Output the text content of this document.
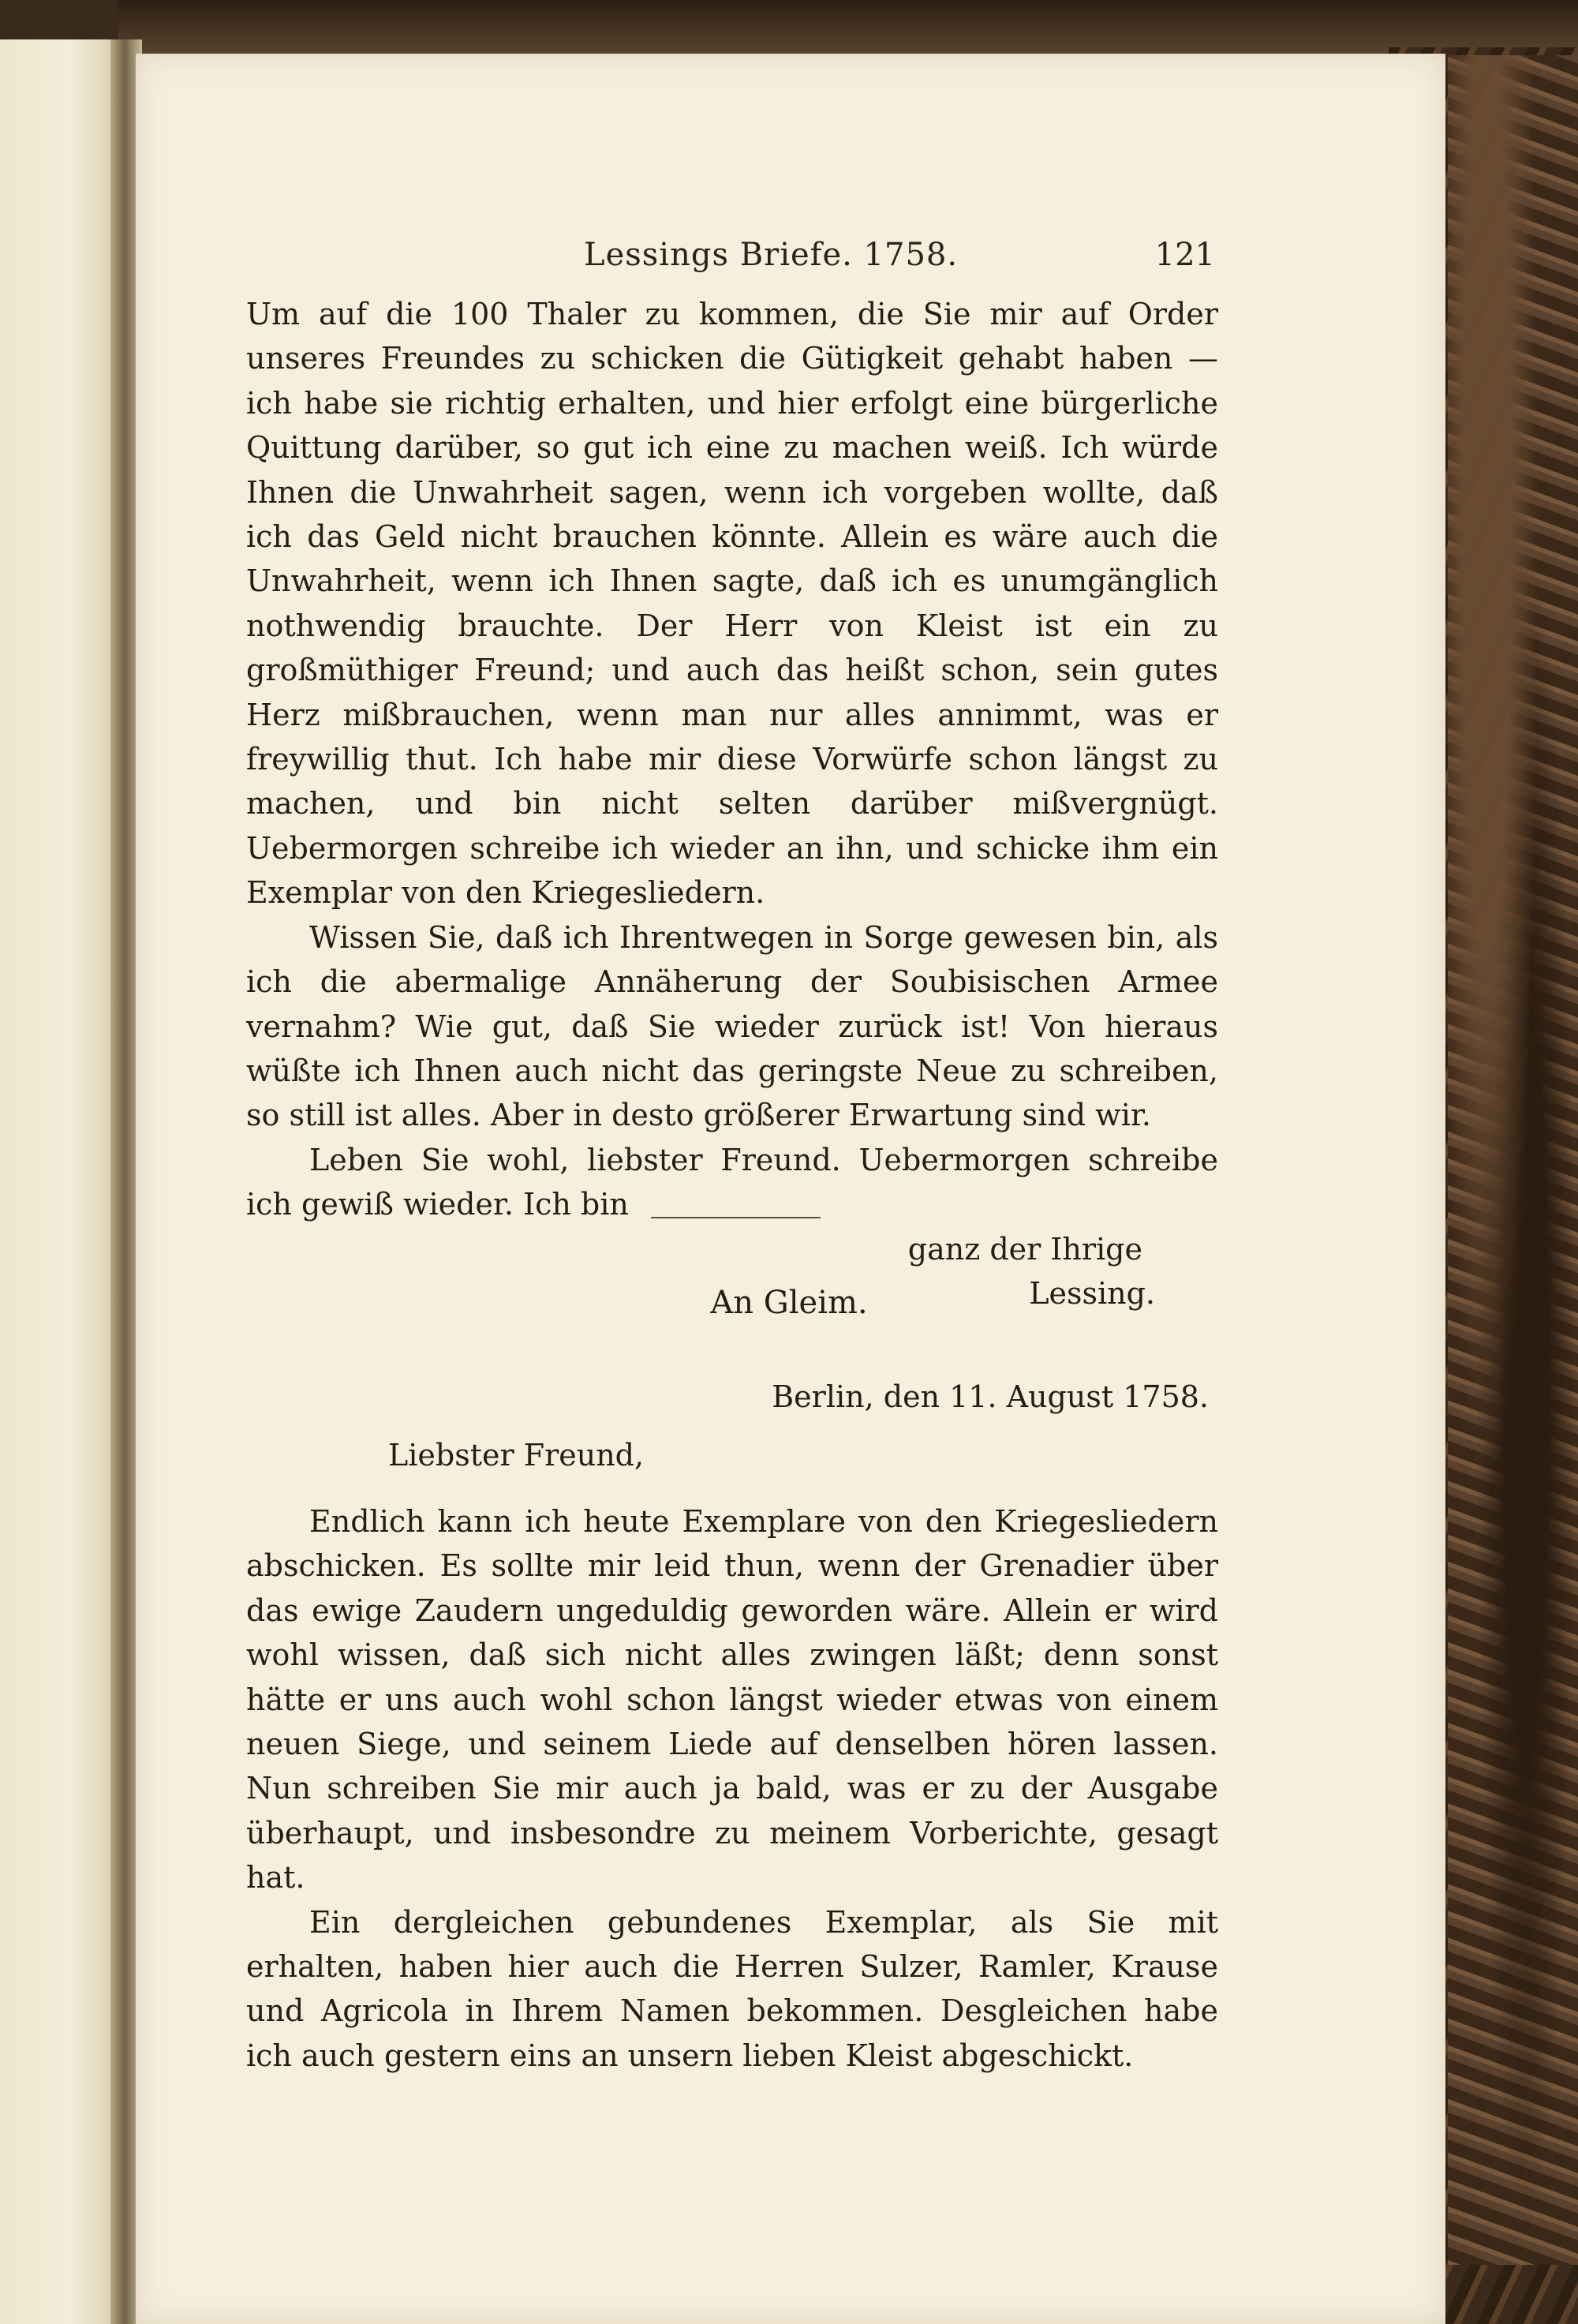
Lessings Briefe. 1758.	121

Um auf die 100 Thaler zu kommen, die Sie mir auf Order unseres Freundes zu schicken die Gütigkeit gehabt haben — ich habe sie richtig erhalten, und hier erfolgt eine bürgerliche Quittung darüber, so gut ich eine zu machen weiß. Ich würde Ihnen die Unwahrheit sagen, wenn ich vorgeben wollte, daß ich das Geld nicht brauchen könnte. Allein es wäre auch die Unwahrheit, wenn ich Ihnen sagte, daß ich es unumgänglich nothwendig brauchte. Der Herr von Kleist ist ein zu großmüthiger Freund; und auch das heißt schon, sein gutes Herz mißbrauchen, wenn man nur alles annimmt, was er freywillig thut. Ich habe mir diese Vorwürfe schon längst zu machen, und bin nicht selten darüber mißvergnügt. Uebermorgen schreibe ich wieder an ihn, und schicke ihm ein Exemplar von den Kriegesliedern.

Wissen Sie, daß ich Ihrentwegen in Sorge gewesen bin, als ich die abermalige Annäherung der Soubisischen Armee vernahm? Wie gut, daß Sie wieder zurück ist! Von hieraus wüßte ich Ihnen auch nicht das geringste Neue zu schreiben, so still ist alles. Aber in desto größerer Erwartung sind wir.

Leben Sie wohl, liebster Freund. Uebermorgen schreibe ich gewiß wieder. Ich bin

ganz der Ihrige

Lessing.

An Gleim.
Berlin, den 11. August 1758.
Liebster Freund,

Endlich kann ich heute Exemplare von den Kriegesliedern abschicken. Es sollte mir leid thun, wenn der Grenadier über das ewige Zaudern ungeduldig geworden wäre. Allein er wird wohl wissen, daß sich nicht alles zwingen läßt; denn sonst hätte er uns auch wohl schon längst wieder etwas von einem neuen Siege, und seinem Liede auf denselben hören lassen. Nun schreiben Sie mir auch ja bald, was er zu der Ausgabe überhaupt, und insbesondre zu meinem Vorberichte, gesagt hat.

Ein dergleichen gebundenes Exemplar, als Sie mit erhalten, haben hier auch die Herren Sulzer, Ramler, Krause und Agricola in Ihrem Namen bekommen. Desgleichen habe ich auch gestern eins an unsern lieben Kleist abgeschickt.
